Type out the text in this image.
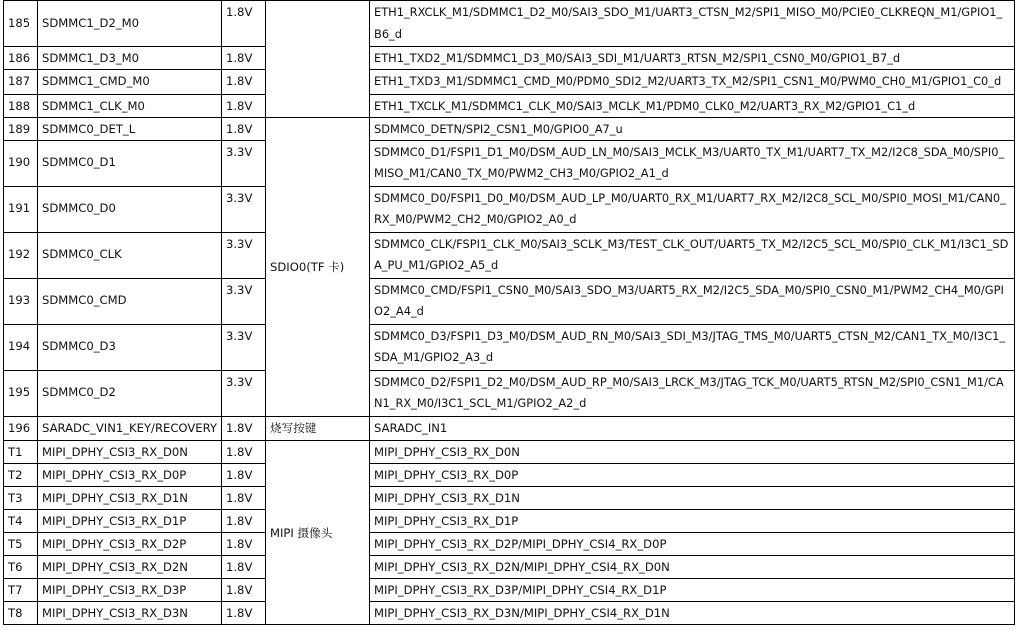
185	SDMMC1_D2_M0	1.8V		ETH1_RXCLK_M1/SDMMC1_D2_M0/SAI3_SDO_M1/UART3_CTSN_M2/SPI1_MISO_M0/PCIE0_CLKREQN_M1/GPIO1_B6_d
186	SDMMC1_D3_M0	1.8V		ETH1_TXD2_M1/SDMMC1_D3_M0/SAI3_SDI_M1/UART3_RTSN_M2/SPI1_CSN0_M0/GPIO1_B7_d
187	SDMMC1_CMD_M0	1.8V		ETH1_TXD3_M1/SDMMC1_CMD_M0/PDM0_SDI2_M2/UART3_TX_M2/SPI1_CSN1_M0/PWM0_CH0_M1/GPIO1_C0_d
188	SDMMC1_CLK_M0	1.8V		ETH1_TXCLK_M1/SDMMC1_CLK_M0/SAI3_MCLK_M1/PDM0_CLK0_M2/UART3_RX_M2/GPIO1_C1_d
189	SDMMC0_DET_L	1.8V	SDIO0(TF 卡)	SDMMC0_DETN/SPI2_CSN1_M0/GPIO0_A7_u
190	SDMMC0_D1	3.3V		SDMMC0_D1/FSPI1_D1_M0/DSM_AUD_LN_M0/SAI3_MCLK_M3/UART0_TX_M1/UART7_TX_M2/I2C8_SDA_M0/SPI0_MISO_M1/CAN0_TX_M0/PWM2_CH3_M0/GPIO2_A1_d
191	SDMMC0_D0	3.3V		SDMMC0_D0/FSPI1_D0_M0/DSM_AUD_LP_M0/UART0_RX_M1/UART7_RX_M2/I2C8_SCL_M0/SPI0_MOSI_M1/CAN0_RX_M0/PWM2_CH2_M0/GPIO2_A0_d
192	SDMMC0_CLK	3.3V		SDMMC0_CLK/FSPI1_CLK_M0/SAI3_SCLK_M3/TEST_CLK_OUT/UART5_TX_M2/I2C5_SCL_M0/SPI0_CLK_M1/I3C1_SDA_PU_M1/GPIO2_A5_d
193	SDMMC0_CMD	3.3V		SDMMC0_CMD/FSPI1_CSN0_M0/SAI3_SDO_M3/UART5_RX_M2/I2C5_SDA_M0/SPI0_CSN0_M1/PWM2_CH4_M0/GPIO2_A4_d
194	SDMMC0_D3	3.3V		SDMMC0_D3/FSPI1_D3_M0/DSM_AUD_RN_M0/SAI3_SDI_M3/JTAG_TMS_M0/UART5_CTSN_M2/CAN1_TX_M0/I3C1_SDA_M1/GPIO2_A3_d
195	SDMMC0_D2	3.3V		SDMMC0_D2/FSPI1_D2_M0/DSM_AUD_RP_M0/SAI3_LRCK_M3/JTAG_TCK_M0/UART5_RTSN_M2/SPI0_CSN1_M1/CAN1_RX_M0/I3C1_SCL_M1/GPIO2_A2_d
196	SARADC_VIN1_KEY/RECOVERY	1.8V	烧写按键	SARADC_IN1
T1	MIPI_DPHY_CSI3_RX_D0N	1.8V	MIPI 摄像头	MIPI_DPHY_CSI3_RX_D0N
T2	MIPI_DPHY_CSI3_RX_D0P	1.8V		MIPI_DPHY_CSI3_RX_D0P
T3	MIPI_DPHY_CSI3_RX_D1N	1.8V		MIPI_DPHY_CSI3_RX_D1N
T4	MIPI_DPHY_CSI3_RX_D1P	1.8V		MIPI_DPHY_CSI3_RX_D1P
T5	MIPI_DPHY_CSI3_RX_D2P	1.8V		MIPI_DPHY_CSI3_RX_D2P/MIPI_DPHY_CSI4_RX_D0P
T6	MIPI_DPHY_CSI3_RX_D2N	1.8V		MIPI_DPHY_CSI3_RX_D2N/MIPI_DPHY_CSI4_RX_D0N
T7	MIPI_DPHY_CSI3_RX_D3P	1.8V		MIPI_DPHY_CSI3_RX_D3P/MIPI_DPHY_CSI4_RX_D1P
T8	MIPI_DPHY_CSI3_RX_D3N	1.8V		MIPI_DPHY_CSI3_RX_D3N/MIPI_DPHY_CSI4_RX_D1N
